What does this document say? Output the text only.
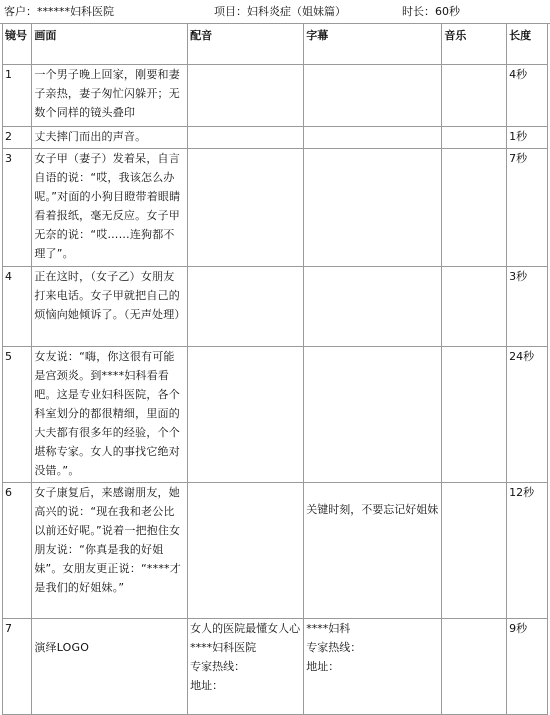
客户：******妇科医院	项目：妇科炎症（姐妹篇）	时长：60秒
镜号	画面	配音	字幕	音乐	长度
1	一个男子晚上回家，刚要和妻子亲热，妻子匆忙闪躲开；无数个同样的镜头叠印				4秒
2	丈夫摔门而出的声音。				1秒
3	女子甲（妻子）发着呆，自言自语的说：“哎，我该怎么办呢。”对面的小狗目瞪带着眼睛看着报纸，毫无反应。女子甲无奈的说：“哎……连狗都不理了”。				7秒
4	正在这时，（女子乙）女朋友打来电话。女子甲就把自己的烦恼向她倾诉了。（无声处理）				3秒
5	女友说：“嗨，你这很有可能是宫颈炎。到****妇科看看吧。这是专业妇科医院，各个科室划分的都很精细，里面的大夫都有很多年的经验，个个堪称专家。女人的事找它绝对没错。”。				24秒
6	女子康复后，来感谢朋友，她高兴的说：“现在我和老公比以前还好呢。”说着一把抱住女朋友说：“你真是我的好姐妹”。女朋友更正说：“****才是我们的好姐妹。”		关键时刻，不要忘记好姐妹		12秒
7	演绎LOGO	女人的医院最懂女人心
****妇科医院
专家热线：
地址：	****妇科
专家热线：
地址：		9秒
